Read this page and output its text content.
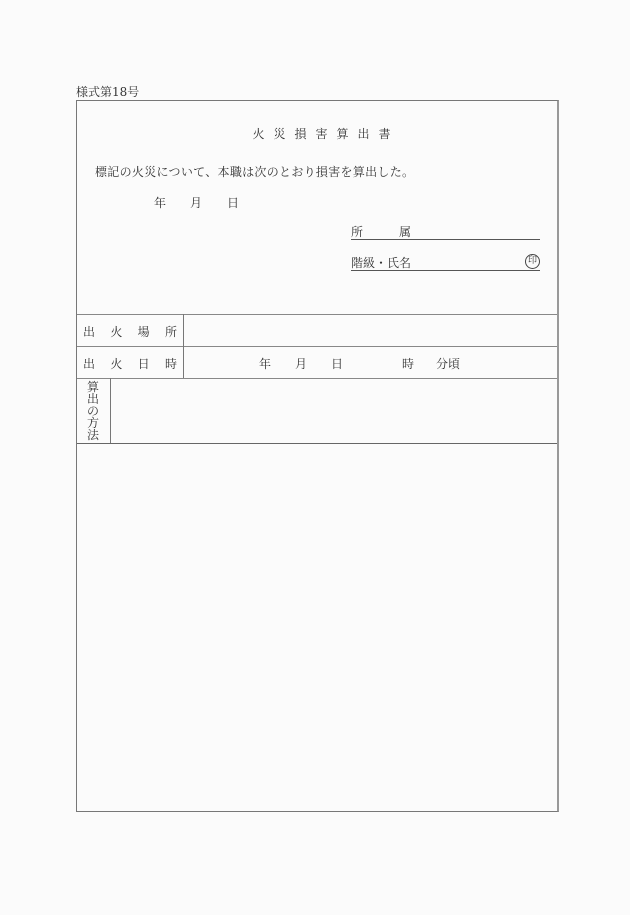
様式第18号
火災損害算出書
標記の火災について、本職は次のとおり損害を算出した。
年 月 日
所	属
階級・氏名	印
出 火 場 所
出 火 日 時	年 月 日	時 分頃
算
出
の
方
法
